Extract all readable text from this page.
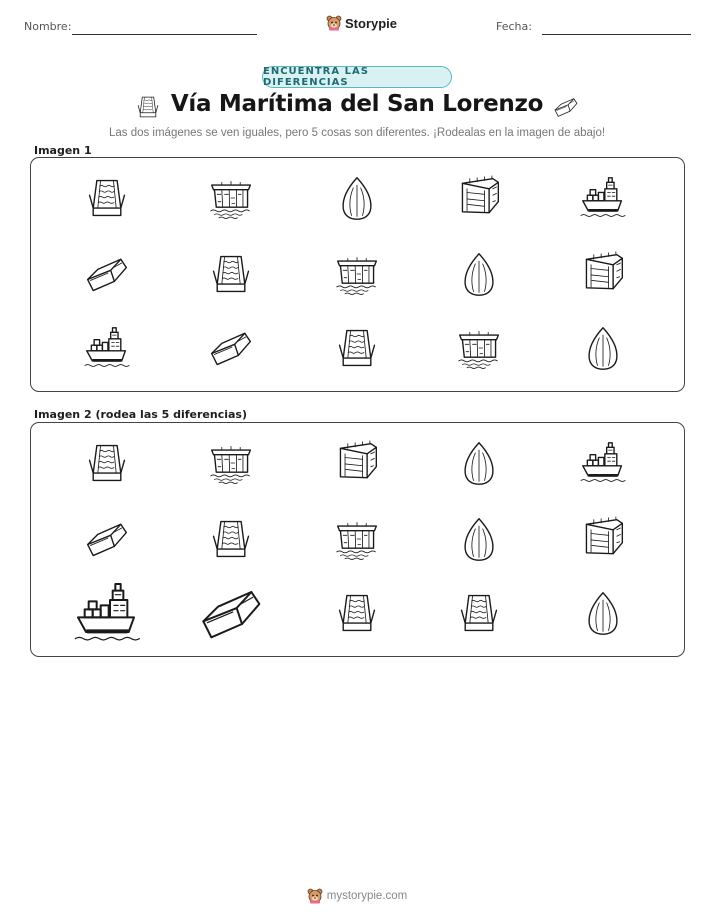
Nombre:	Storypie	Fecha:
ENCUENTRA LAS DIFERENCIAS
Vía Marítima del San Lorenzo
Las dos imágenes se ven iguales, pero 5 cosas son diferentes. ¡Rodealas en la imagen de abajo!
Imagen 1
Imagen 2 (rodea las 5 diferencias)
mystorypie.com
